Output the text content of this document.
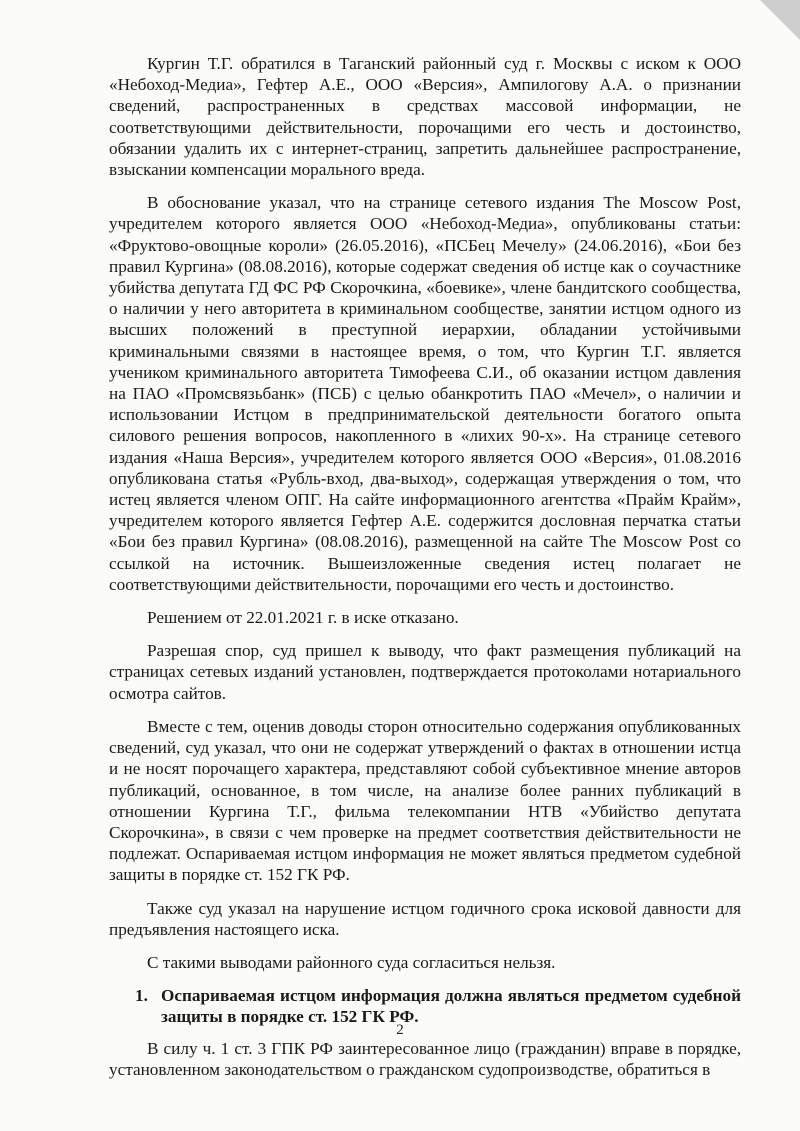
Кургин Т.Г. обратился в Таганский районный суд г. Москвы с иском к ООО «Небоход-Медиа», Гефтер А.Е., ООО «Версия», Ампилогову А.А. о признании сведений, распространенных в средствах массовой информации, не соответствующими действительности, порочащими его честь и достоинство, обязании удалить их с интернет-страниц, запретить дальнейшее распространение, взыскании компенсации морального вреда.

В обоснование указал, что на странице сетевого издания The Moscow Post, учредителем которого является ООО «Небоход-Медиа», опубликованы статьи: «Фруктово-овощные короли» (26.05.2016), «ПСБец Мечелу» (24.06.2016), «Бои без правил Кургина» (08.08.2016), которые содержат сведения об истце как о соучастнике убийства депутата ГД ФС РФ Скорочкина, «боевике», члене бандитского сообщества, о наличии у него авторитета в криминальном сообществе, занятии истцом одного из высших положений в преступной иерархии, обладании устойчивыми криминальными связями в настоящее время, о том, что Кургин Т.Г. является учеником криминального авторитета Тимофеева С.И., об оказании истцом давления на ПАО «Промсвязьбанк» (ПСБ) с целью обанкротить ПАО «Мечел», о наличии и использовании Истцом в предпринимательской деятельности богатого опыта силового решения вопросов, накопленного в «лихих 90-х». На странице сетевого издания «Наша Версия», учредителем которого является ООО «Версия», 01.08.2016 опубликована статья «Рубль-вход, два-выход», содержащая утверждения о том, что истец является членом ОПГ. На сайте информационного агентства «Прайм Крайм», учредителем которого является Гефтер А.Е. содержится дословная перчатка статьи «Бои без правил Кургина» (08.08.2016), размещенной на сайте The Moscow Post со ссылкой на источник. Вышеизложенные сведения истец полагает не соответствующими действительности, порочащими его честь и достоинство.

Решением от 22.01.2021 г. в иске отказано.

Разрешая спор, суд пришел к выводу, что факт размещения публикаций на страницах сетевых изданий установлен, подтверждается протоколами нотариального осмотра сайтов.

Вместе с тем, оценив доводы сторон относительно содержания опубликованных сведений, суд указал, что они не содержат утверждений о фактах в отношении истца и не носят порочащего характера, представляют собой субъективное мнение авторов публикаций, основанное, в том числе, на анализе более ранних публикаций в отношении Кургина Т.Г., фильма телекомпании НТВ «Убийство депутата Скорочкина», в связи с чем проверке на предмет соответствия действительности не подлежат. Оспариваемая истцом информация не может являться предметом судебной защиты в порядке ст. 152 ГК РФ.

Также суд указал на нарушение истцом годичного срока исковой давности для предъявления настоящего иска.

С такими выводами районного суда согласиться нельзя.

1. Оспариваемая истцом информация должна являться предметом судебной защиты в порядке ст. 152 ГК РФ.

В силу ч. 1 ст. 3 ГПК РФ заинтересованное лицо (гражданин) вправе в порядке, установленном законодательством о гражданском судопроизводстве, обратиться в

2
